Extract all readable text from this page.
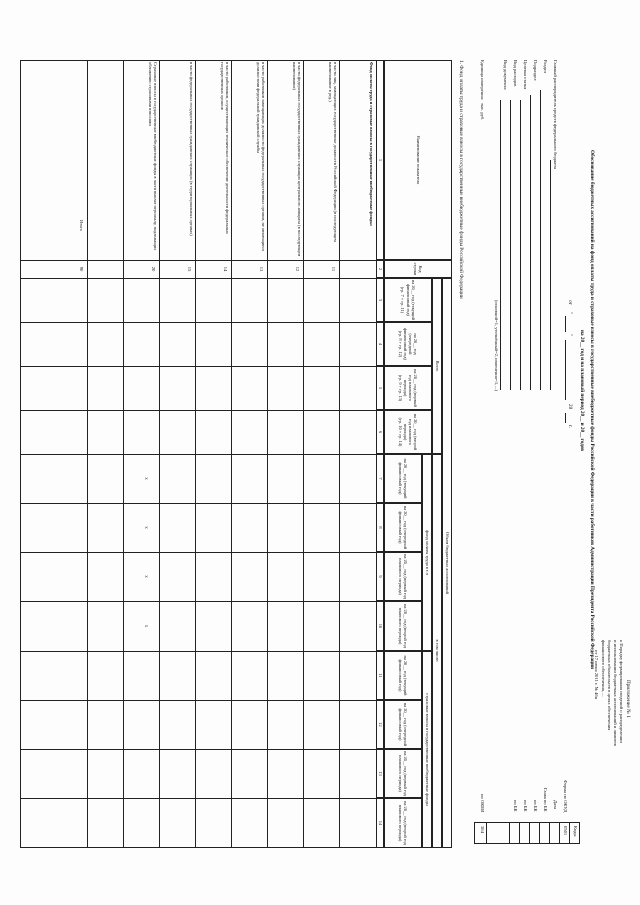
Приложение № 1
к Порядку формирования сведений о распределении
и использовании бюджетных ассигнований и лимитов
бюджетных обязательств в целях обеспечения
финансового обеспечения, ...
от 17 июня 2011 г. № 46н
Обоснование бюджетных ассигнований на фонд оплаты труда и страховые взносы в государственные внебюджетные фонды Российской Федерации в части работников Администрации Президента Российской Федерации
на 20__ год и на плановый период 20__ и 20__ годов
от
"
"
20
г.
Коды
0501
384
Форма по ОКУД
Дата
Глава по БК
по БК
по БК
по БК
по ОКЕИ
Главный распорядитель средств федерального бюджета
Раздел
Подраздел
Целевая статья
Вид расходов
Вид документа
(основной=1, уточнённый=2, изменения=3, ...)
Единица измерения:
тыс. руб.
1. Фонд оплаты труда и страховые взносы в государственные внебюджетные фонды Российской Федерации
Наименование показателя
Код строки
Объем бюджетных ассигнований
Всего
в том числе:
фонд оплаты труда в т.ч
страховые взносы в государственные внебюджетные фонды
на 20__ год (текущий финансовый год)
(гр. 7 + гр. 11)
на 20__ год (очередной финансовый год)
(гр. 8 + гр. 12)
на 20__ год (первый год планового периода)
(гр. 9 + гр. 13)
на 20__ год (второй год планового периода)
(гр. 10 + гр. 14)
на 20__ год (текущий финансовый год)
на 20__ год (очередной финансовый год)
на 20__ год (первый год планового периода)
на 20__ год (второй год планового периода)
на 20__ год (текущий финансовый год)
на 20__ год (очередной финансовый год)
на 20__ год (первый год планового периода)
на 20__ год (второй год планового периода)
1
2
3
4
5
6
7
8
9
10
11
12
13
14
Фонд оплаты труда и страховые взносы в государственные внебюджетные фонды:
в части лиц, замещающих государственные должности Российской Федерации (в последующем наименование в ред.)
в части федеральных государственных гражданских служащих центрального аппарата (в последующем наименование)
в части работников замещающих должности федеральных государственных органов, не являющиеся должностями федеральной гражданской службы
в части работников, осуществляющих техническое обеспечение деятельности федеральных государственных органов
в части федеральных государственных гражданских служащих (в территориальных органах)
Страховые взносы в государственные внебюджетные фонды в части выплат персоналу, подлежащих обложению страховыми взносами
Итого
11
12
13
14
15
20
90
х
х
х
х
